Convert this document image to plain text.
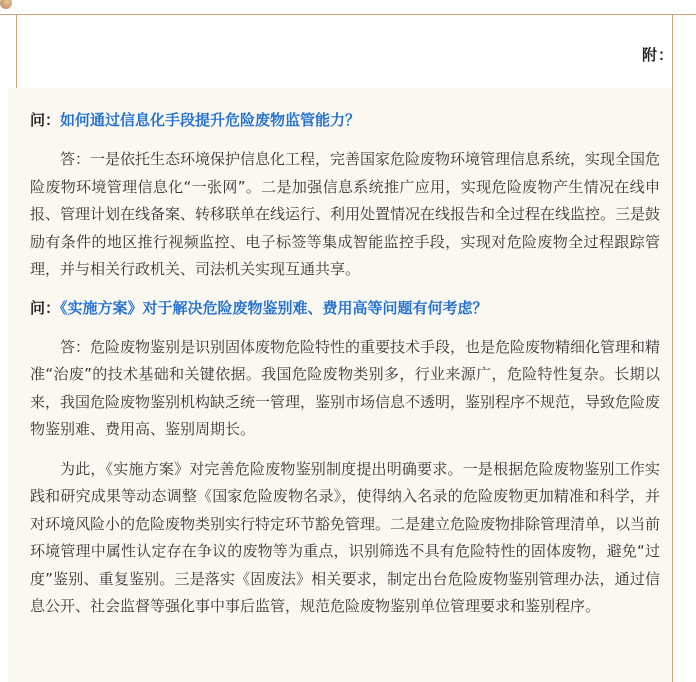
附：

问：如何通过信息化手段提升危险废物监管能力？

答：一是依托生态环境保护信息化工程，完善国家危险废物环境管理信息系统，实现全国危险废物环境管理信息化“一张网”。二是加强信息系统推广应用，实现危险废物产生情况在线申报、管理计划在线备案、转移联单在线运行、利用处置情况在线报告和全过程在线监控。三是鼓励有条件的地区推行视频监控、电子标签等集成智能监控手段，实现对危险废物全过程跟踪管理，并与相关行政机关、司法机关实现互通共享。

问：《实施方案》对于解决危险废物鉴别难、费用高等问题有何考虑？

答：危险废物鉴别是识别固体废物危险特性的重要技术手段，也是危险废物精细化管理和精准“治废”的技术基础和关键依据。我国危险废物类别多，行业来源广，危险特性复杂。长期以来，我国危险废物鉴别机构缺乏统一管理，鉴别市场信息不透明，鉴别程序不规范，导致危险废物鉴别难、费用高、鉴别周期长。

为此，《实施方案》对完善危险废物鉴别制度提出明确要求。一是根据危险废物鉴别工作实践和研究成果等动态调整《国家危险废物名录》，使得纳入名录的危险废物更加精准和科学，并对环境风险小的危险废物类别实行特定环节豁免管理。二是建立危险废物排除管理清单，以当前环境管理中属性认定存在争议的废物等为重点，识别筛选不具有危险特性的固体废物，避免“过度”鉴别、重复鉴别。三是落实《固废法》相关要求，制定出台危险废物鉴别管理办法，通过信息公开、社会监督等强化事中事后监管，规范危险废物鉴别单位管理要求和鉴别程序。
